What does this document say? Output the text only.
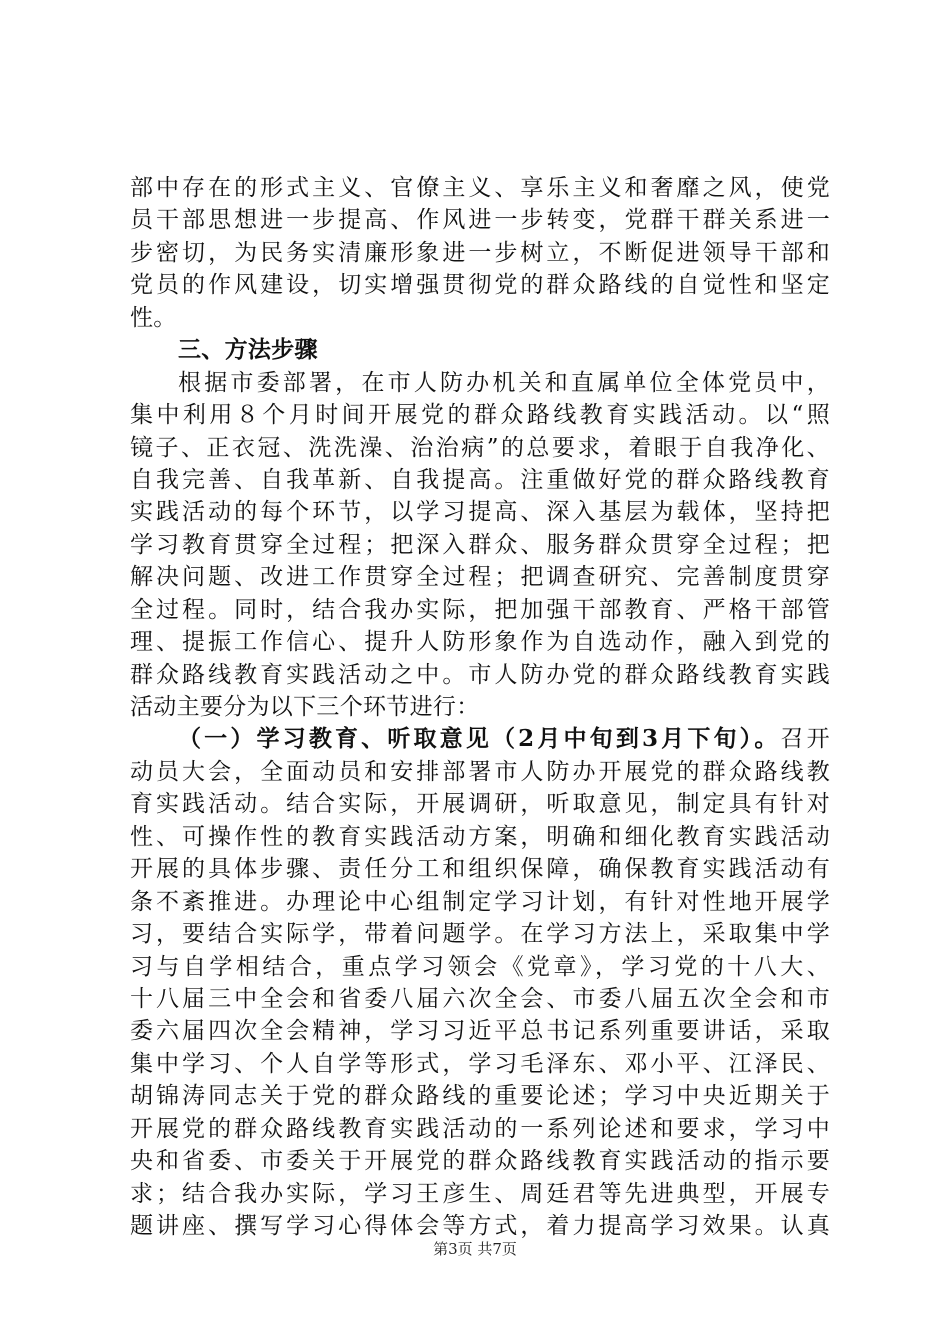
部中存在的形式主义、官僚主义、享乐主义和奢靡之风，使党
员干部思想进一步提高、作风进一步转变，党群干群关系进一
步密切，为民务实清廉形象进一步树立，不断促进领导干部和
党员的作风建设，切实增强贯彻党的群众路线的自觉性和坚定
性。
三、方法步骤
根据市委部署，在市人防办机关和直属单位全体党员中，
集中利用８个月时间开展党的群众路线教育实践活动。以“照
镜子、正衣冠、洗洗澡、治治病”的总要求，着眼于自我净化、
自我完善、自我革新、自我提高。注重做好党的群众路线教育
实践活动的每个环节，以学习提高、深入基层为载体，坚持把
学习教育贯穿全过程；把深入群众、服务群众贯穿全过程；把
解决问题、改进工作贯穿全过程；把调查研究、完善制度贯穿
全过程。同时，结合我办实际，把加强干部教育、严格干部管
理、提振工作信心、提升人防形象作为自选动作，融入到党的
群众路线教育实践活动之中。市人防办党的群众路线教育实践
活动主要分为以下三个环节进行：
（一）学习教育、听取意见（2月中旬到3月下旬）。召开
动员大会，全面动员和安排部署市人防办开展党的群众路线教
育实践活动。结合实际，开展调研，听取意见，制定具有针对
性、可操作性的教育实践活动方案，明确和细化教育实践活动
开展的具体步骤、责任分工和组织保障，确保教育实践活动有
条不紊推进。办理论中心组制定学习计划，有针对性地开展学
习，要结合实际学，带着问题学。在学习方法上，采取集中学
习与自学相结合，重点学习领会《党章》，学习党的十八大、
十八届三中全会和省委八届六次全会、市委八届五次全会和市
委六届四次全会精神，学习习近平总书记系列重要讲话，采取
集中学习、个人自学等形式，学习毛泽东、邓小平、江泽民、
胡锦涛同志关于党的群众路线的重要论述；学习中央近期关于
开展党的群众路线教育实践活动的一系列论述和要求，学习中
央和省委、市委关于开展党的群众路线教育实践活动的指示要
求；结合我办实际，学习王彦生、周廷君等先进典型，开展专
题讲座、撰写学习心得体会等方式，着力提高学习效果。认真
第3页 共7页
